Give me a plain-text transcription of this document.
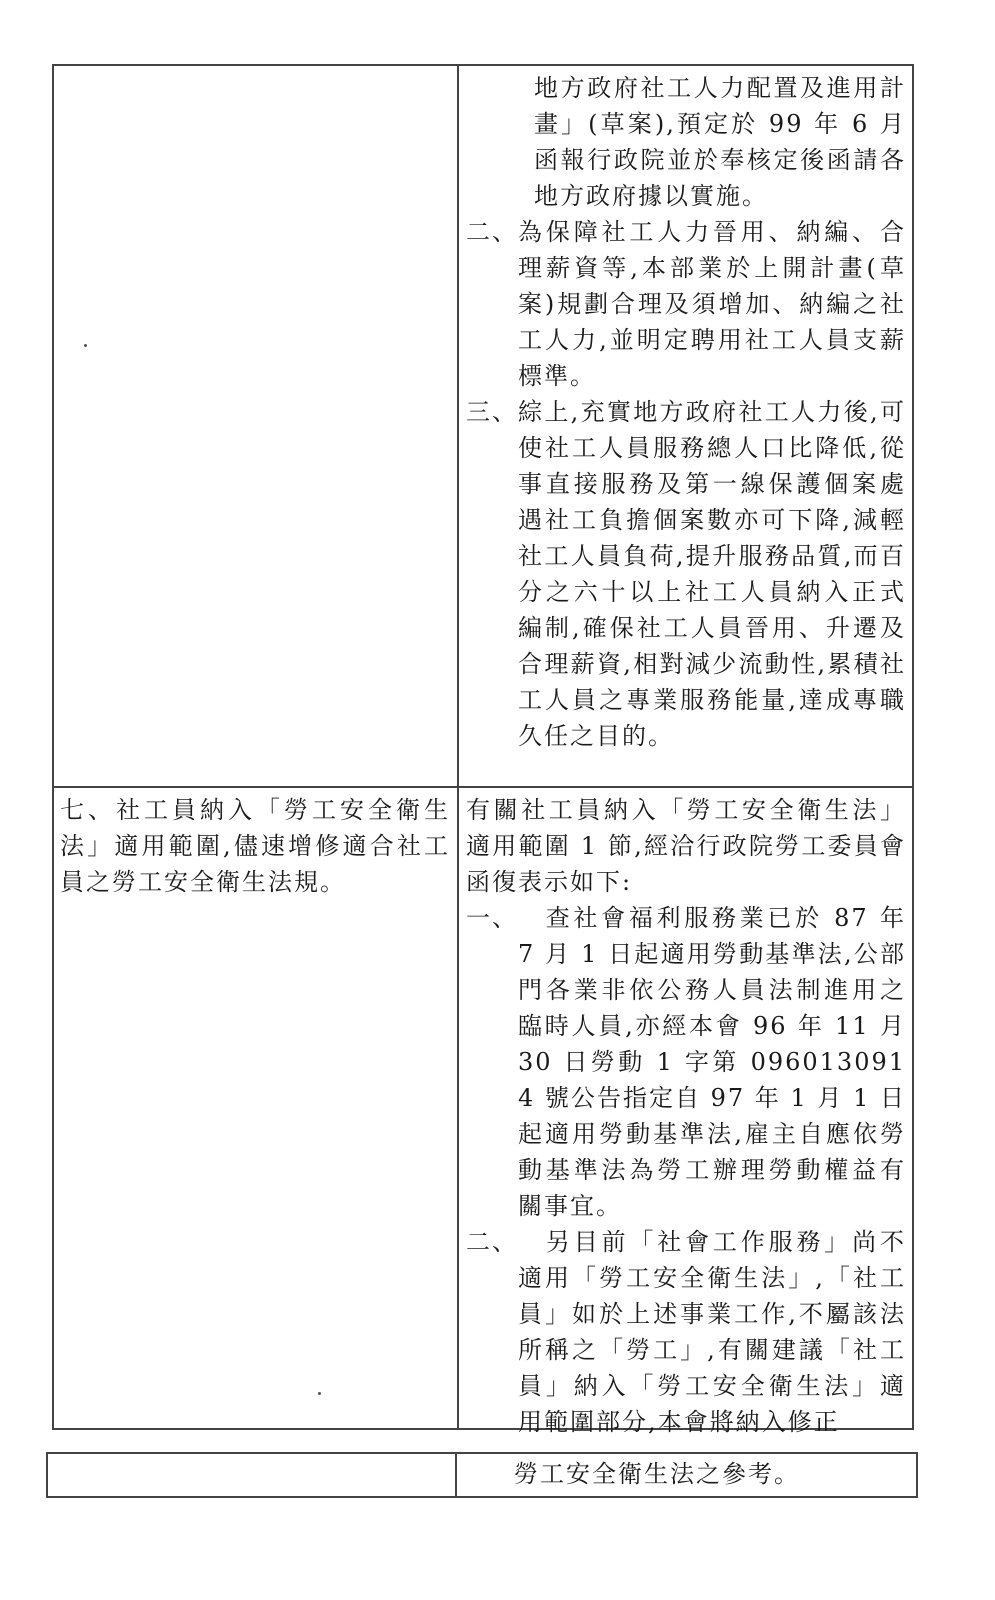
地方政府社工人力配置及進用計畫」(草案),預定於 99 年 6 月函報行政院並於奉核定後函請各地方政府據以實施。

二、 為保障社工人力晉用、納編、合理薪資等,本部業於上開計畫(草案)規劃合理及須增加、納編之社工人力,並明定聘用社工人員支薪標準。
三、 綜上,充實地方政府社工人力後,可使社工人員服務總人口比降低,從事直接服務及第一線保護個案處遇社工負擔個案數亦可下降,減輕社工人員負荷,提升服務品質,而百分之六十以上社工人員納入正式編制,確保社工人員晉用、升遷及合理薪資,相對減少流動性,累積社工人員之專業服務能量,達成專職久任之目的。

七、社工員納入「勞工安全衛生法」適用範圍,儘速增修適合社工員之勞工安全衛生法規。

有關社工員納入「勞工安全衛生法」適用範圍 1 節,經洽行政院勞工委員會函復表示如下:

一、 　查社會福利服務業已於 87 年 7 月 1 日起適用勞動基準法,公部門各業非依公務人員法制進用之臨時人員,亦經本會 96 年 11 月 30 日勞動 1 字第 0960130914 號公告指定自 97 年 1 月 1 日起適用勞動基準法,雇主自應依勞動基準法為勞工辦理勞動權益有關事宜。
二、 　另目前「社會工作服務」尚不適用「勞工安全衛生法」,「社工員」如於上述事業工作,不屬該法所稱之「勞工」,有關建議「社工員」納入「勞工安全衛生法」適用範圍部分,本會將納入修正

勞工安全衛生法之參考。
